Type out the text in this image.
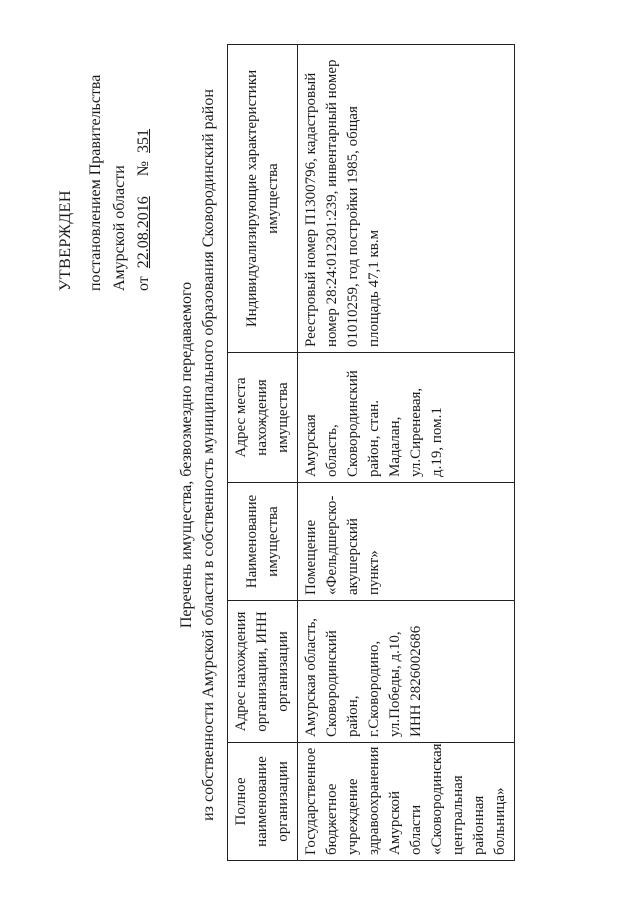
УТВЕРЖДЕН постановлением Правительства Амурской области от 22.08.2016    № 351
Перечень имущества, безвозмездно передаваемого из собственности Амурской области в собственность муниципального образования Сковородинский район Полное наименование организации	Адрес нахождения организации, ИНН организации	Наименование имущества	Адрес места нахождения имущества	Индивидуализирующие характеристики имущества
Государственное бюджетное учреждение здравоохранения Амурской области «Сковородинская центральная районная больница»	Амурская область, Сковородинский район, г.Сковородино, ул.Победы, д.10, ИНН 2826002686	Помещение «Фельдшерско-акушерский пункт»	Амурская область, Сковородинский район, стан. Мадалан, ул.Сиреневая, д.19, пом.1	Реестровый номер П1300796, кадастровый номер 28:24:012301:239, инвентарный номер 01010259, год постройки 1985, общая площадь 47,1 кв.м
